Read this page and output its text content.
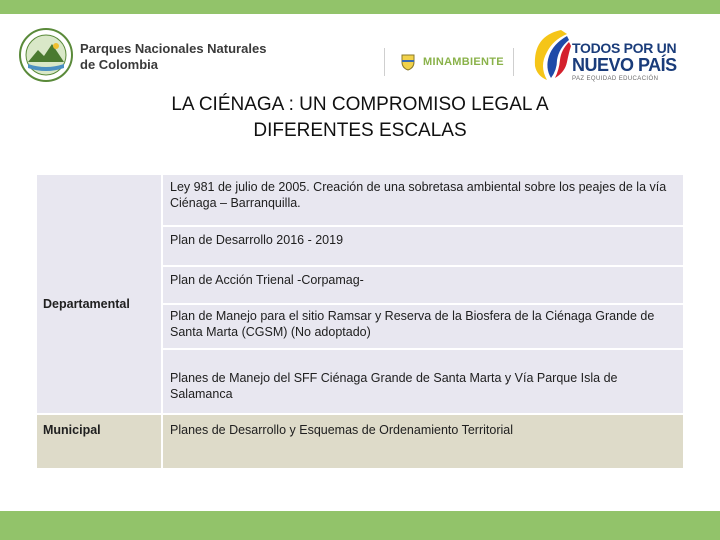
Parques Nacionales Naturales
de Colombia	MINAMBIENTE
TODOS POR UN
NUEVO PAÍS
PAZ EQUIDAD EDUCACIÓN
LA CIÉNAGA : UN COMPROMISO LEGAL A
DIFERENTES ESCALAS
Departamental
Ley 981 de julio de 2005. Creación de una sobretasa ambiental sobre los peajes de la vía Ciénaga – Barranquilla.
Plan de Desarrollo 2016 - 2019
Plan de Acción Trienal -Corpamag-
Plan de Manejo para el sitio Ramsar y Reserva de la Biosfera de la Ciénaga Grande de Santa Marta (CGSM) (No adoptado)
Planes de Manejo del SFF Ciénaga Grande de Santa Marta y Vía Parque Isla de Salamanca
Municipal	Planes de Desarrollo y Esquemas de Ordenamiento Territorial
